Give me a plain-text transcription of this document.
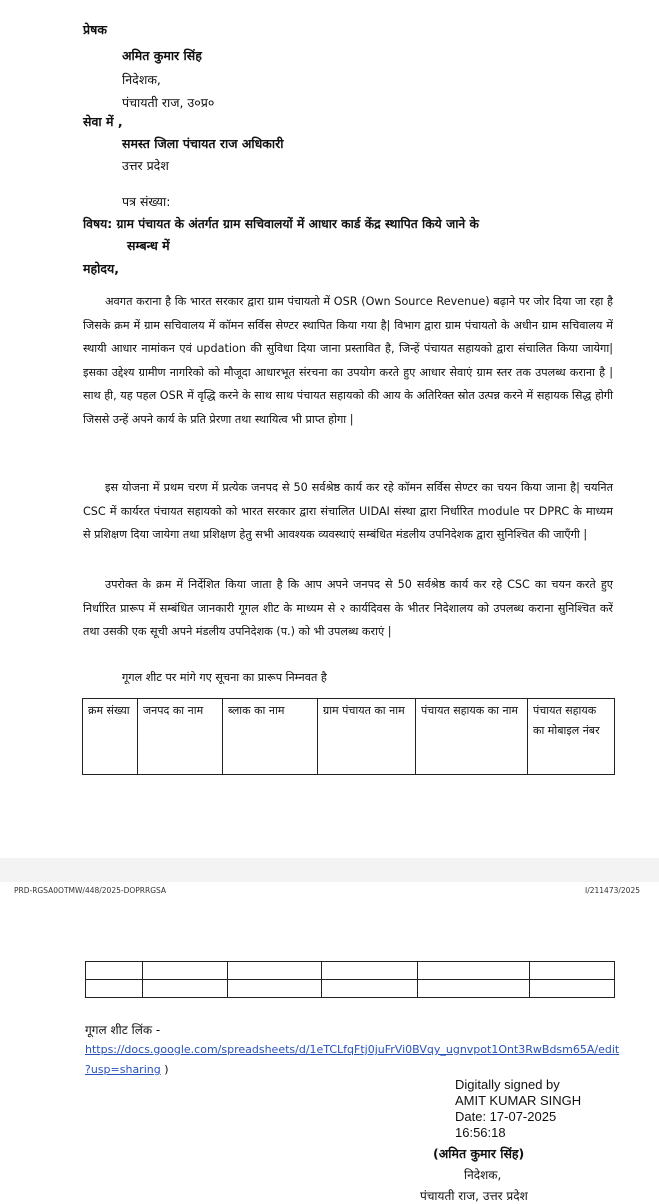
प्रेषक
अमित कुमार सिंह
निदेशक,
पंचायती राज, उ०प्र०
सेवा में ,
समस्त जिला पंचायत राज अधिकारी
उत्तर प्रदेश
पत्र संख्या:
विषय: ग्राम पंचायत के अंतर्गत ग्राम सचिवालयों में आधार कार्ड केंद्र स्थापित किये जाने के
सम्बन्ध में
महोदय,

अवगत कराना है कि भारत सरकार द्वारा ग्राम पंचायतो में OSR (Own Source Revenue) बढ़ाने पर जोर दिया जा रहा है जिसके क्रम में ग्राम सचिवालय में कॉमन सर्विस सेण्टर स्थापित किया गया है| विभाग द्वारा ग्राम पंचायतो के अधीन ग्राम सचिवालय में स्थायी आधार नामांकन एवं updation की सुविधा दिया जाना प्रस्तावित है, जिन्हें पंचायत सहायको द्वारा संचालित किया जायेगा| इसका उद्देश्य ग्रामीण नागरिको को मौजूदा आधारभूत संरचना का उपयोग करते हुए आधार सेवाएं ग्राम स्तर तक उपलब्ध कराना है | साथ ही, यह पहल OSR में वृद्धि करने के साथ साथ पंचायत सहायको की आय के अतिरिक्त स्रोत उत्पन्न करने में सहायक सिद्ध होगी जिससे उन्हें अपने कार्य के प्रति प्रेरणा तथा स्थायित्व भी प्राप्त होगा |

इस योजना में प्रथम चरण में प्रत्येक जनपद से 50 सर्वश्रेष्ठ कार्य कर रहे कॉमन सर्विस सेण्टर का चयन किया जाना है| चयनित CSC में कार्यरत पंचायत सहायको को भारत सरकार द्वारा संचालित UIDAI संस्था द्वारा निर्धारित module पर DPRC के माध्यम से प्रशिक्षण दिया जायेगा तथा प्रशिक्षण हेतु सभी आवश्यक व्यवस्थाएं सम्बंधित मंडलीय उपनिदेशक द्वारा सुनिश्चित की जाएँगी |

उपरोक्त के क्रम में निर्देशित किया जाता है कि आप अपने जनपद से 50 सर्वश्रेष्ठ कार्य कर रहे CSC का चयन करते हुए निर्धारित प्रारूप में सम्बंधित जानकारी गूगल शीट के माध्यम से २ कार्यदिवस के भीतर निदेशालय को उपलब्ध कराना सुनिश्चित करें तथा उसकी एक सूची अपने मंडलीय उपनिदेशक (प.) को भी उपलब्ध कराएं |

गूगल शीट पर मांगे गए सूचना का प्रारूप निम्नवत है
क्रम संख्या	जनपद का नाम	ब्लाक का नाम	ग्राम पंचायत का नाम	पंचायत सहायक का नाम	पंचायत सहायक का मोबाइल नंबर
PRD-RGSA0OTMW/448/2025-DOPRRGSA	I/211473/2025

गूगल शीट लिंक -
https://docs.google.com/spreadsheets/d/1eTCLfqFtj0juFrVi0BVqy_ugnvpot1Ont3RwBdsm65A/edit
?usp=sharing )
Digitally signed by
AMIT KUMAR SINGH
Date: 17-07-2025
16:56:18
(अमित कुमार सिंह)
निदेशक,
पंचायती राज, उत्तर प्रदेश
